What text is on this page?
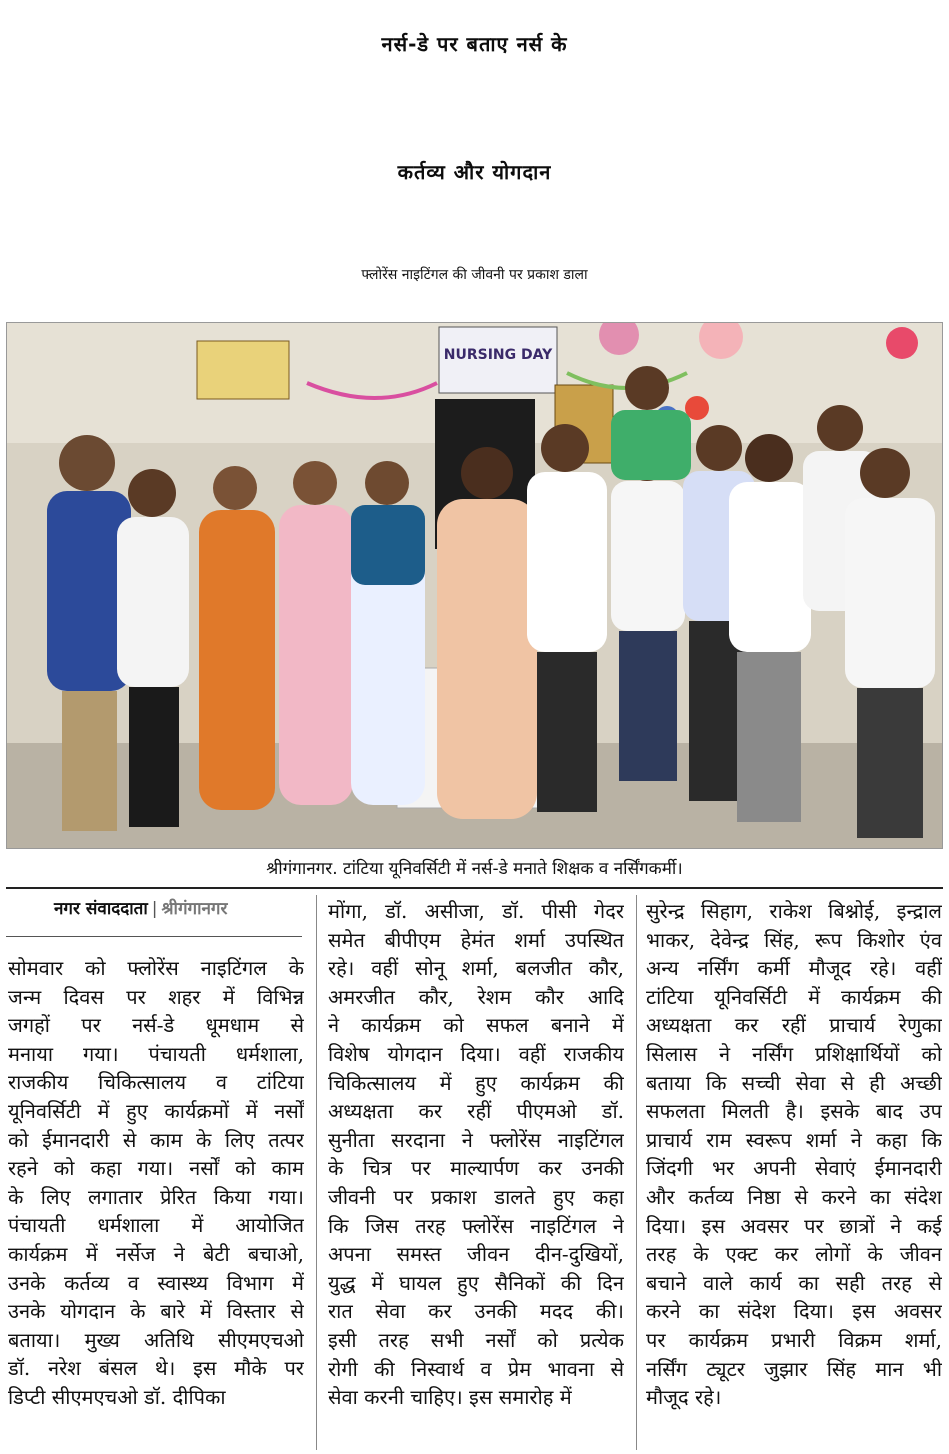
नर्स-डे पर बताए नर्स के
कर्तव्य और योगदान
फ्लोरेंस नाइटिंगल की जीवनी पर प्रकाश डाला
NURSING DAY
श्रीगंगानगर. टांटिया यूनिवर्सिटी में नर्स-डे मनाते शिक्षक व नर्सिंगकर्मी।
नगर संवाददाता | श्रीगंगानगर
सोमवार को फ्लोरेंस नाइटिंगल के
जन्म दिवस पर शहर में विभिन्न
जगहों पर नर्स-डे धूमधाम से
मनाया गया। पंचायती धर्मशाला,
राजकीय चिकित्सालय व टांटिया
यूनिवर्सिटी में हुए कार्यक्रमों में नर्सों
को ईमानदारी से काम के लिए तत्पर
रहने को कहा गया। नर्सों को काम
के लिए लगातार प्रेरित किया गया।
पंचायती धर्मशाला में आयोजित
कार्यक्रम में नर्सेज ने बेटी बचाओ,
उनके कर्तव्य व स्वास्थ्य विभाग में
उनके योगदान के बारे में विस्तार से
बताया। मुख्य अतिथि सीएमएचओ
डॉ. नरेश बंसल थे। इस मौके पर
डिप्टी सीएमएचओ डॉ. दीपिका
मोंगा, डॉ. असीजा, डॉ. पीसी गेदर
समेत बीपीएम हेमंत शर्मा उपस्थित
रहे। वहीं सोनू शर्मा, बलजीत कौर,
अमरजीत कौर, रेशम कौर आदि
ने कार्यक्रम को सफल बनाने में
विशेष योगदान दिया। वहीं राजकीय
चिकित्सालय में हुए कार्यक्रम की
अध्यक्षता कर रहीं पीएमओ डॉ.
सुनीता सरदाना ने फ्लोरेंस नाइटिंगल
के चित्र पर माल्यार्पण कर उनकी
जीवनी पर प्रकाश डालते हुए कहा
कि जिस तरह फ्लोरेंस नाइटिंगल ने
अपना समस्त जीवन दीन-दुखियों,
युद्ध में घायल हुए सैनिकों की दिन
रात सेवा कर उनकी मदद की।
इसी तरह सभी नर्सों को प्रत्येक
रोगी की निस्वार्थ व प्रेम भावना से
सेवा करनी चाहिए। इस समारोह में
सुरेन्द्र सिहाग, राकेश बिश्नोई, इन्द्राल
भाकर, देवेन्द्र सिंह, रूप किशोर एंव
अन्य नर्सिंग कर्मी मौजूद रहे। वहीं
टांटिया यूनिवर्सिटी में कार्यक्रम की
अध्यक्षता कर रहीं प्राचार्य रेणुका
सिलास ने नर्सिंग प्रशिक्षार्थियों को
बताया कि सच्ची सेवा से ही अच्छी
सफलता मिलती है। इसके बाद उप
प्राचार्य राम स्वरूप शर्मा ने कहा कि
जिंदगी भर अपनी सेवाएं ईमानदारी
और कर्तव्य निष्ठा से करने का संदेश
दिया। इस अवसर पर छात्रों ने कई
तरह के एक्ट कर लोगों के जीवन
बचाने वाले कार्य का सही तरह से
करने का संदेश दिया। इस अवसर
पर कार्यक्रम प्रभारी विक्रम शर्मा,
नर्सिंग ट्यूटर जुझार सिंह मान भी
मौजूद रहे।
